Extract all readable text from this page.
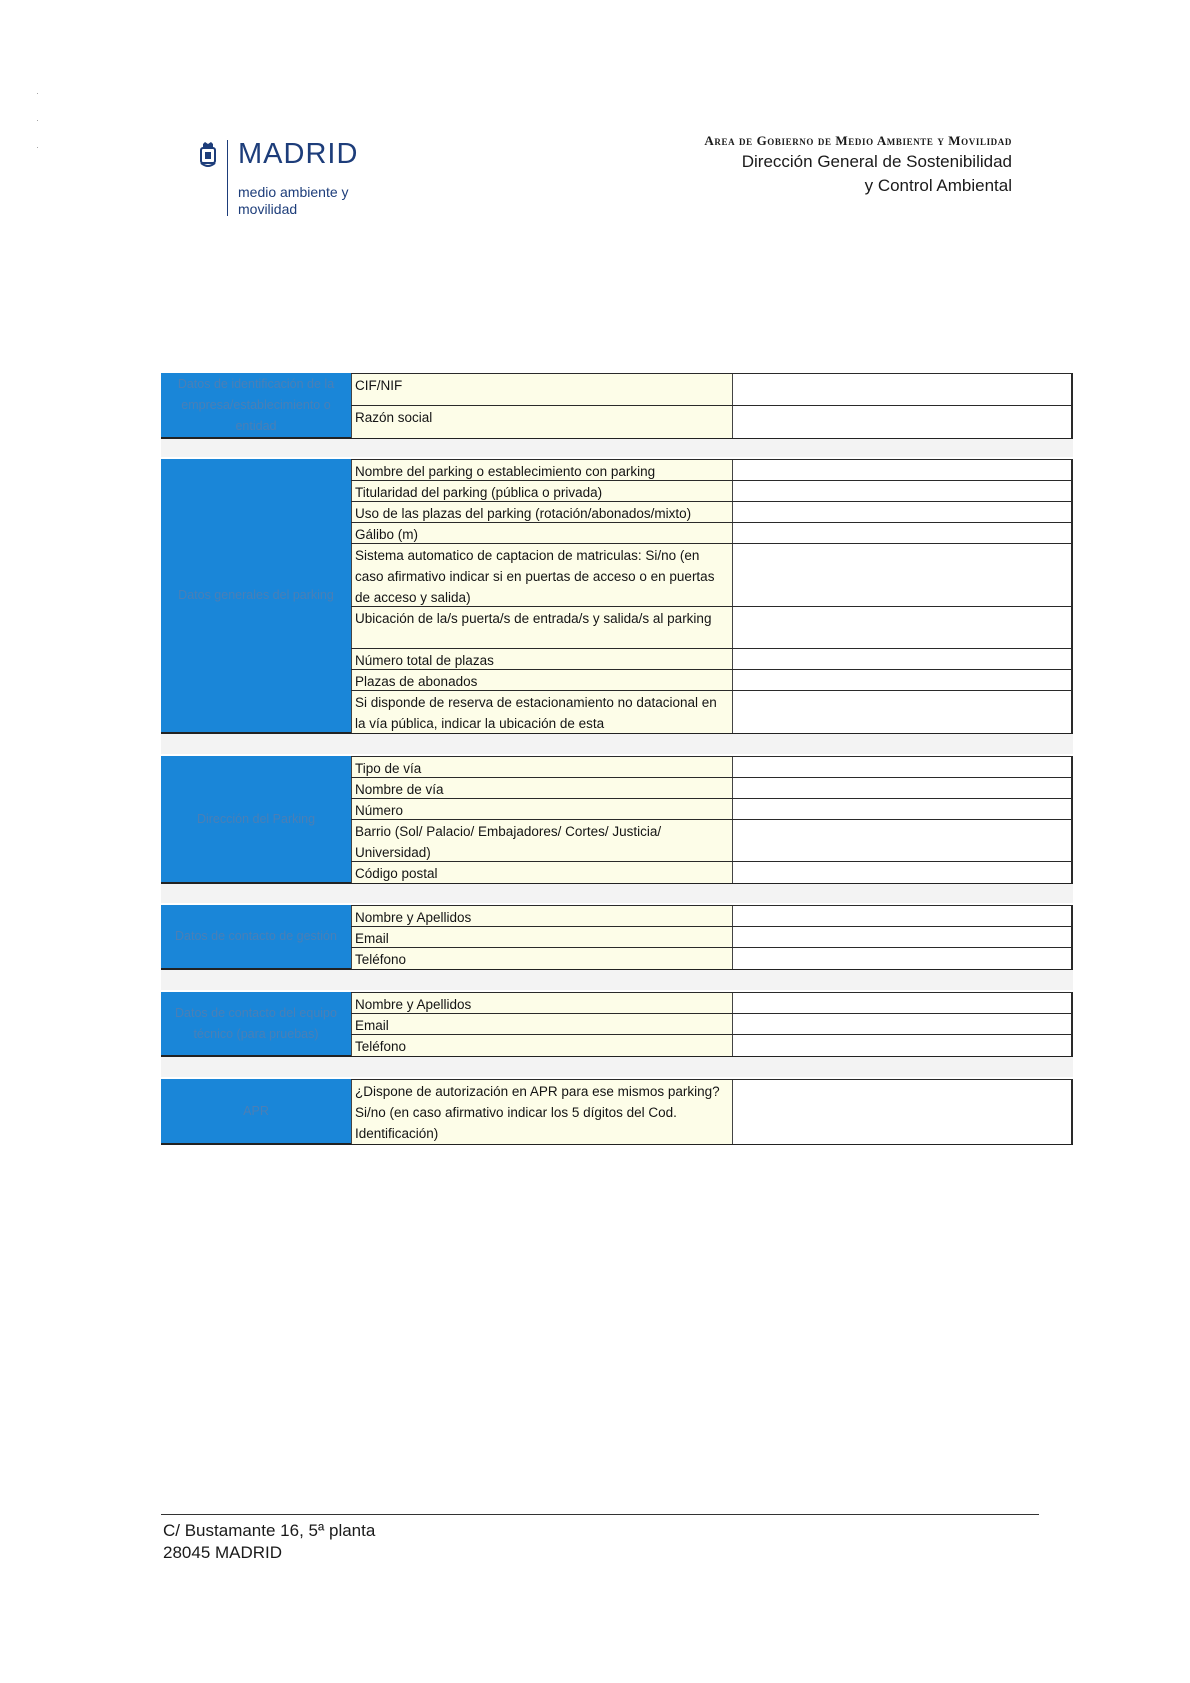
·
·
·	MADRID
medio ambiente y
movilidad
Area de Gobierno de Medio Ambiente y Movilidad
Dirección General de Sostenibilidad
y Control Ambiental
Datos de identificación de la empresa/establecimiento o entidad
CIF/NIF
Razón social
Datos generales del parking
Nombre del parking o establecimiento con parking
Titularidad del parking (pública o privada)
Uso de las plazas del parking (rotación/abonados/mixto)
Gálibo (m)
Sistema automatico de captacion de matriculas: Si/no (en caso afirmativo indicar si en puertas de acceso o en puertas de acceso y salida)
Ubicación de la/s puerta/s de entrada/s y salida/s al parking
Número total de plazas
Plazas de abonados
Si disponde de reserva de estacionamiento no datacional en la vía pública, indicar la ubicación de esta
Dirección del Parking
Tipo de vía
Nombre de vía
Número
Barrio (Sol/ Palacio/ Embajadores/ Cortes/ Justicia/ Universidad)
Código postal
Datos de contacto de gestión
Nombre y Apellidos
Email
Teléfono
Datos de contacto del equipo técnico (para pruebas)
Nombre y Apellidos
Email
Teléfono
APR
¿Dispone de autorización en APR para ese mismos parking? Si/no (en caso afirmativo indicar los 5 dígitos del Cod. Identificación)
C/ Bustamante 16, 5ª planta
28045 MADRID
